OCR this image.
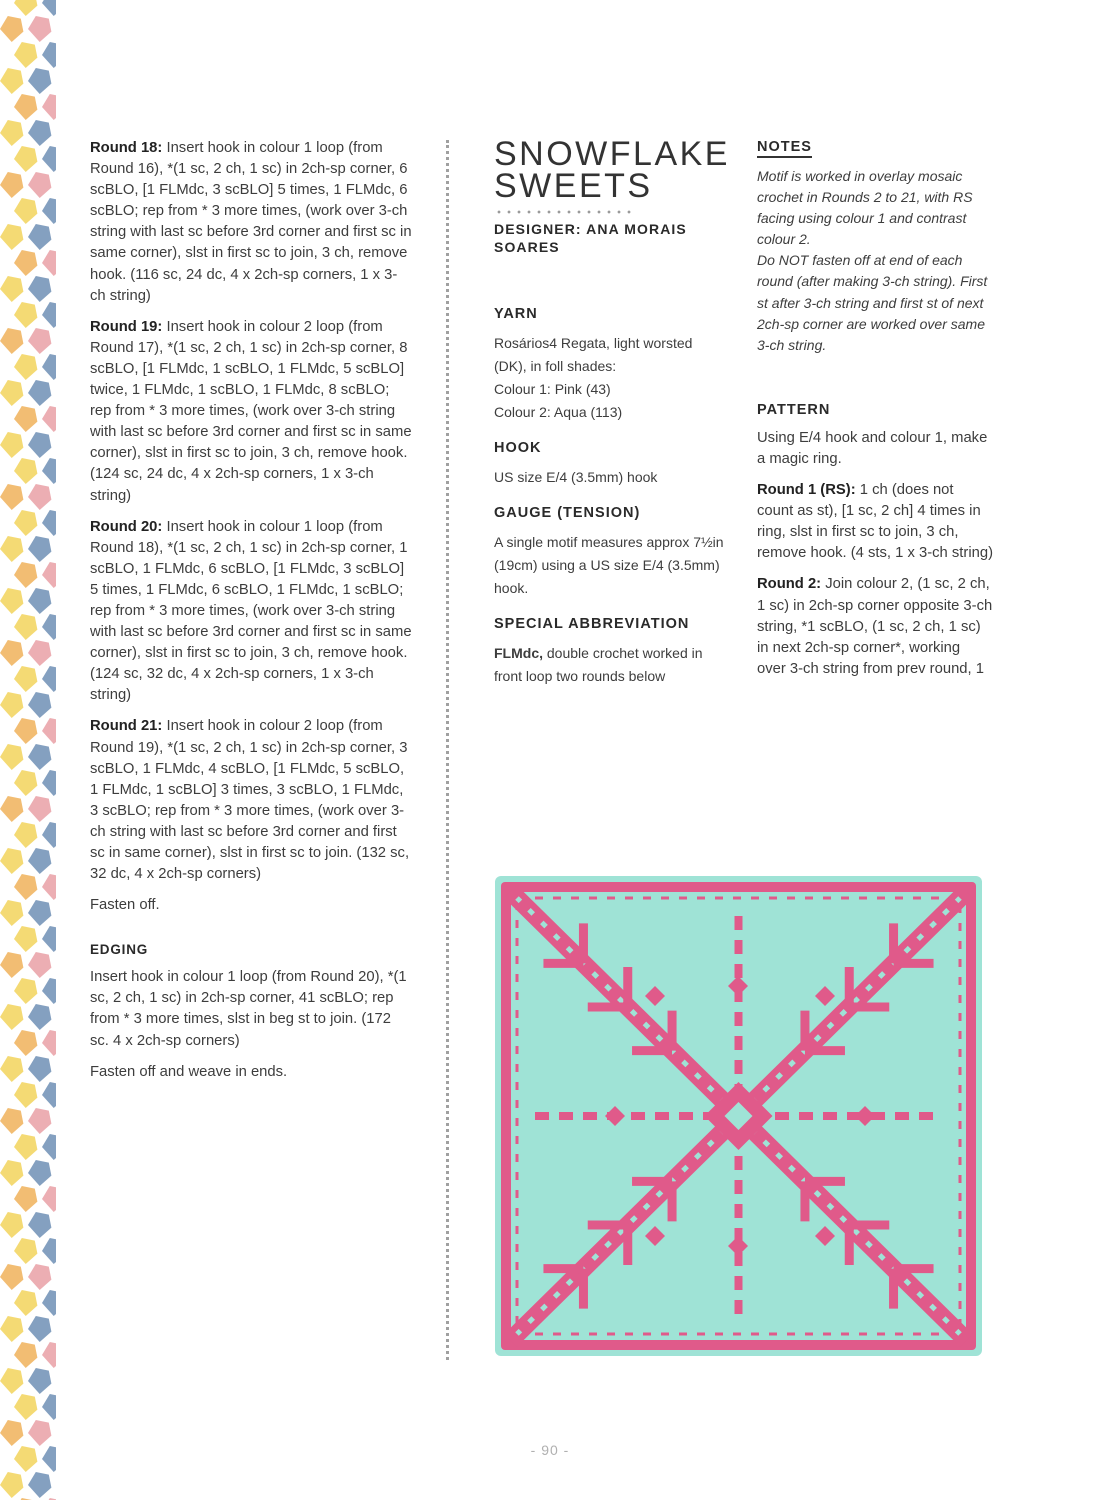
Round 18: Insert hook in colour 1 loop (from Round 16), *(1 sc, 2 ch, 1 sc) in 2ch-sp corner, 6 scBLO, [1 FLMdc, 3 scBLO] 5 times, 1 FLMdc, 6 scBLO; rep from * 3 more times, (work over 3-ch string with last sc before 3rd corner and first sc in same corner), slst in first sc to join, 3 ch, remove hook. (116 sc, 24 dc, 4 x 2ch-sp corners, 1 x 3-ch string)

Round 19: Insert hook in colour 2 loop (from Round 17), *(1 sc, 2 ch, 1 sc) in 2ch-sp corner, 8 scBLO, [1 FLMdc, 1 scBLO, 1 FLMdc, 5 scBLO] twice, 1 FLMdc, 1 scBLO, 1 FLMdc, 8 scBLO; rep from * 3 more times, (work over 3-ch string with last sc before 3rd corner and first sc in same corner), slst in first sc to join, 3 ch, remove hook. (124 sc, 24 dc, 4 x 2ch-sp corners, 1 x 3-ch string)

Round 20: Insert hook in colour 1 loop (from Round 18), *(1 sc, 2 ch, 1 sc) in 2ch-sp corner, 1 scBLO, 1 FLMdc, 6 scBLO, [1 FLMdc, 3 scBLO] 5 times, 1 FLMdc, 6 scBLO, 1 FLMdc, 1 scBLO; rep from * 3 more times, (work over 3-ch string with last sc before 3rd corner and first sc in same corner), slst in first sc to join, 3 ch, remove hook. (124 sc, 32 dc, 4 x 2ch-sp corners, 1 x 3-ch string)

Round 21: Insert hook in colour 2 loop (from Round 19), *(1 sc, 2 ch, 1 sc) in 2ch-sp corner, 3 scBLO, 1 FLMdc, 4 scBLO, [1 FLMdc, 5 scBLO, 1 FLMdc, 1 scBLO] 3 times, 3 scBLO, 1 FLMdc, 3 scBLO; rep from * 3 more times, (work over 3-ch string with last sc before 3rd corner and first sc in same corner), slst in first sc to join. (132 sc, 32 dc, 4 x 2ch-sp corners)

Fasten off.

EDGING

Insert hook in colour 1 loop (from Round 20), *(1 sc, 2 ch, 1 sc) in 2ch-sp corner, 41 scBLO; rep from * 3 more times, slst in beg st to join. (172 sc. 4 x 2ch-sp corners)

Fasten off and weave in ends.

SNOWFLAKE
SWEETS

DESIGNER: ANA MORAIS SOARES

YARN

Rosários4 Regata, light worsted (DK), in foll shades:

Colour 1: Pink (43)

Colour 2: Aqua (113)

HOOK

US size E/4 (3.5mm) hook

GAUGE (TENSION)

A single motif measures approx 7½in (19cm) using a US size E/4 (3.5mm) hook.

SPECIAL ABBREVIATION

FLMdc, double crochet worked in front loop two rounds below

NOTES

Motif is worked in overlay mosaic crochet in Rounds 2 to 21, with RS facing using colour 1 and contrast colour 2.

Do NOT fasten off at end of each round (after making 3-ch string). First st after 3-ch string and first st of next 2ch-sp corner are worked over same 3-ch string.

PATTERN

Using E/4 hook and colour 1, make a magic ring.

Round 1 (RS): 1 ch (does not count as st), [1 sc, 2 ch] 4 times in ring, slst in first sc to join, 3 ch, remove hook. (4 sts, 1 x 3-ch string)

Round 2: Join colour 2, (1 sc, 2 ch, 1 sc) in 2ch-sp corner opposite 3-ch string, *1 scBLO, (1 sc, 2 ch, 1 sc) in next 2ch-sp corner*, working over 3-ch string from prev round, 1

- 90 -
